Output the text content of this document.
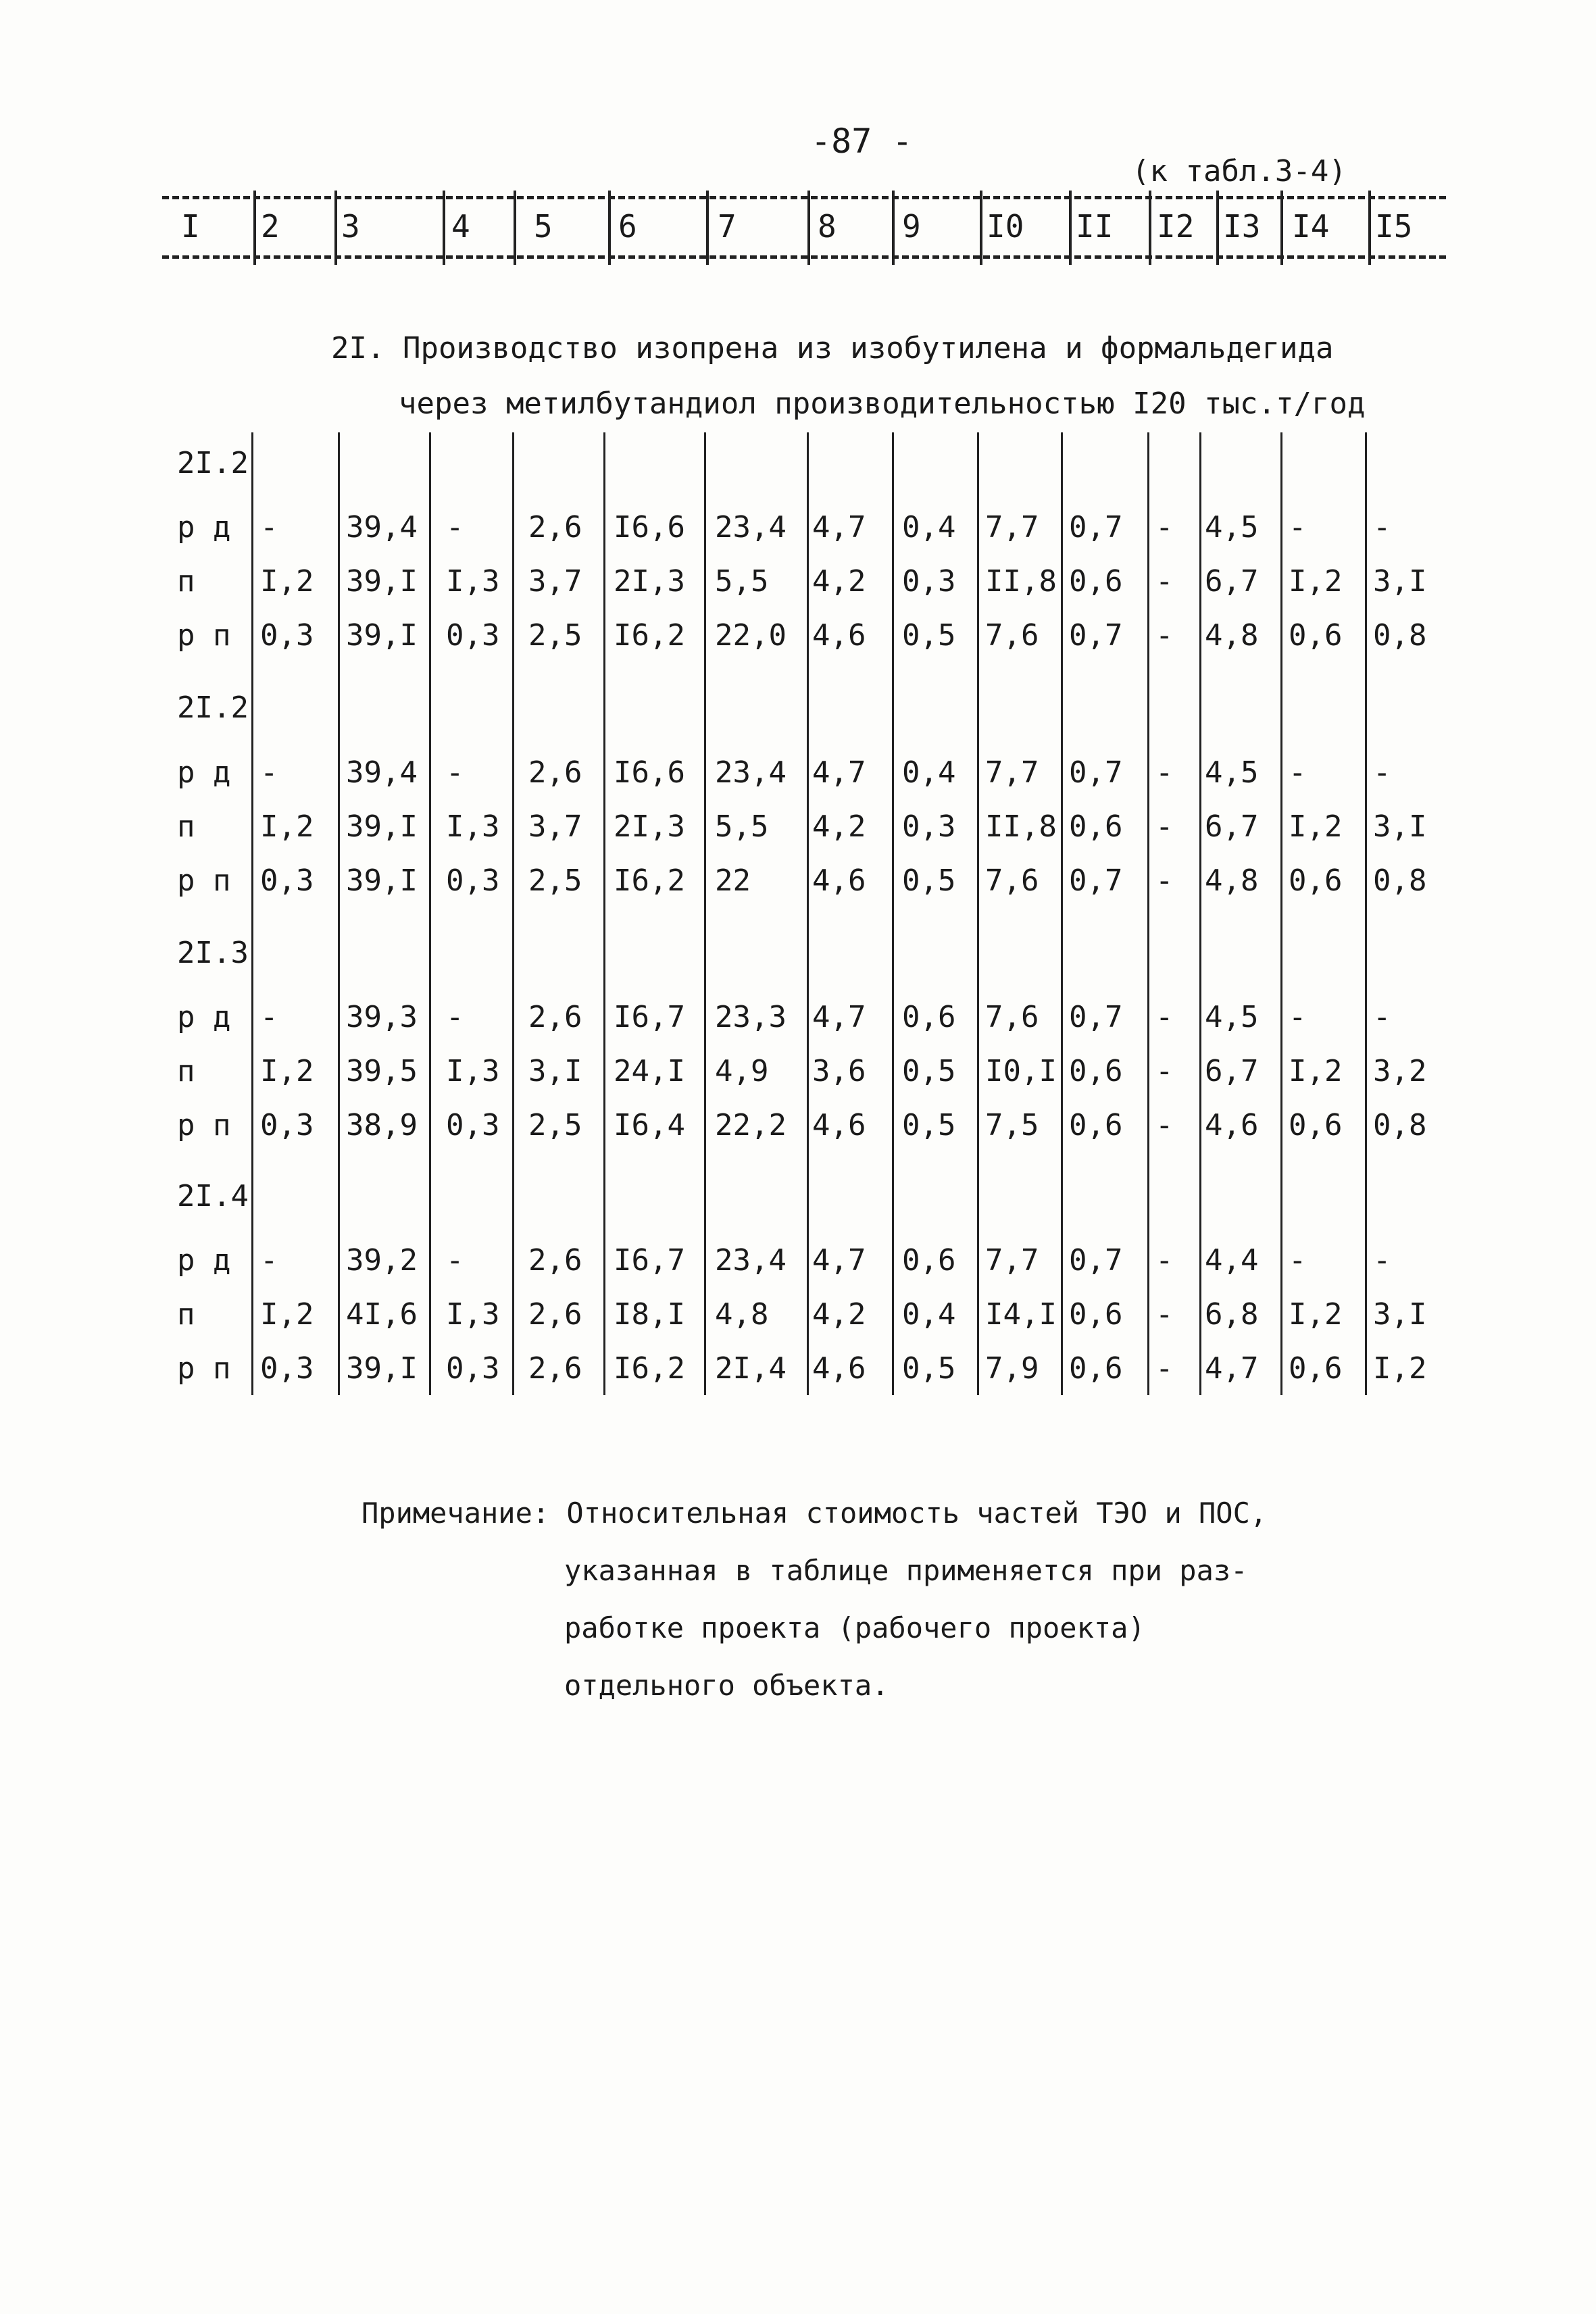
-87 -
(к табл.3-4)
I 2 3	4 5 6	7	8 9 I0 II I2 I3 I4 I5
2I. Производство изопрена из изобутилена и формальдегида
через метилбутандиол производительностью I20 тыс.т/год
2I.2
р д - 39,4 - 2,6 I6,6 23,4 4,7 0,4 7,7 0,7 - 4,5 - -
п I,2 39,I I,3 3,7 2I,3 5,5 4,2 0,3 II,8 0,6 - 6,7 I,2 3,I
р п 0,3 39,I 0,3 2,5 I6,2 22,0 4,6 0,5 7,6 0,7 - 4,8 0,6 0,8
2I.2
р д - 39,4 - 2,6 I6,6 23,4 4,7 0,4 7,7 0,7 - 4,5 - -
п I,2 39,I I,3 3,7 2I,3 5,5 4,2 0,3 II,8 0,6 - 6,7 I,2 3,I
р п 0,3 39,I 0,3 2,5 I6,2 22 4,6 0,5 7,6 0,7 - 4,8 0,6 0,8
2I.3
р д - 39,3 - 2,6 I6,7 23,3 4,7 0,6 7,6 0,7 - 4,5 - -
п I,2 39,5 I,3 3,I 24,I 4,9 3,6 0,5 I0,I 0,6 - 6,7 I,2 3,2
р п 0,3 38,9 0,3 2,5 I6,4 22,2 4,6 0,5 7,5 0,6 - 4,6 0,6 0,8
2I.4
р д - 39,2 - 2,6 I6,7 23,4 4,7 0,6 7,7 0,7 - 4,4 - -
п I,2 4I,6 I,3 2,6 I8,I 4,8 4,2 0,4 I4,I 0,6 - 6,8 I,2 3,I
р п 0,3 39,I 0,3 2,6 I6,2 2I,4 4,6 0,5 7,9 0,6 - 4,7 0,6 I,2
Примечание: Относительная стоимость частей ТЭО и ПОС,
указанная в таблице применяется при раз-
работке проекта (рабочего проекта)
отдельного объекта.
